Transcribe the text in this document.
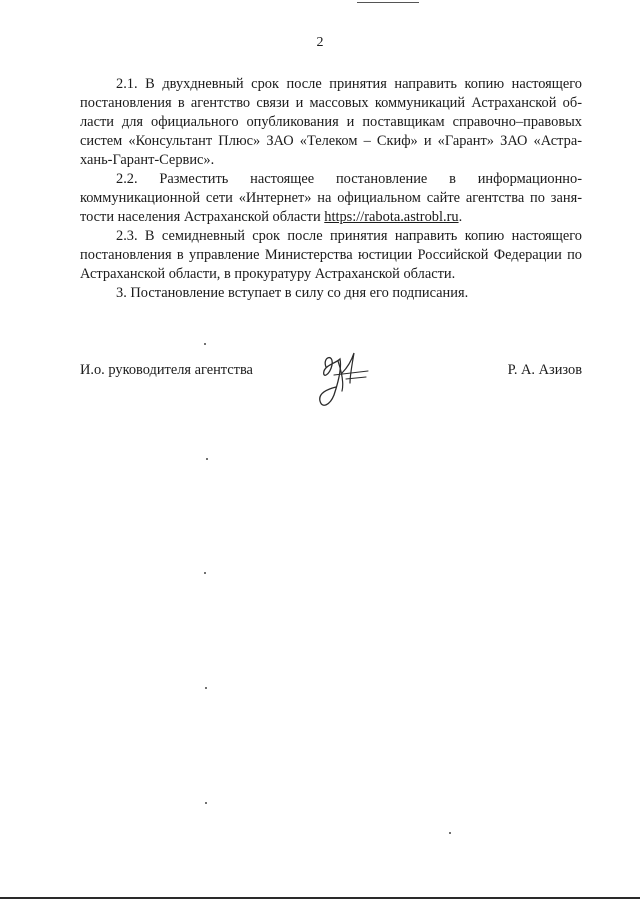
2
2.1. В двухдневный срок после принятия направить копию настоящего
постановления в агентство связи и массовых коммуникаций Астраханской об-
ласти для официального опубликования и поставщикам справочно–правовых
систем «Консультант Плюс» ЗАО «Телеком – Скиф» и «Гарант» ЗАО «Астра-
хань-Гарант-Сервис».
2.2. Разместить настоящее постановление в информационно-
коммуникационной сети «Интернет» на официальном сайте агентства по заня-
тости населения Астраханской области https://rabota.astrobl.ru.
2.3. В семидневный срок после принятия направить копию настоящего
постановления в управление Министерства юстиции Российской Федерации по
Астраханской области, в прокуратуру Астраханской области.
3. Постановление вступает в силу со дня его подписания.
И.о. руководителя агентства	Р. А. Азизов
